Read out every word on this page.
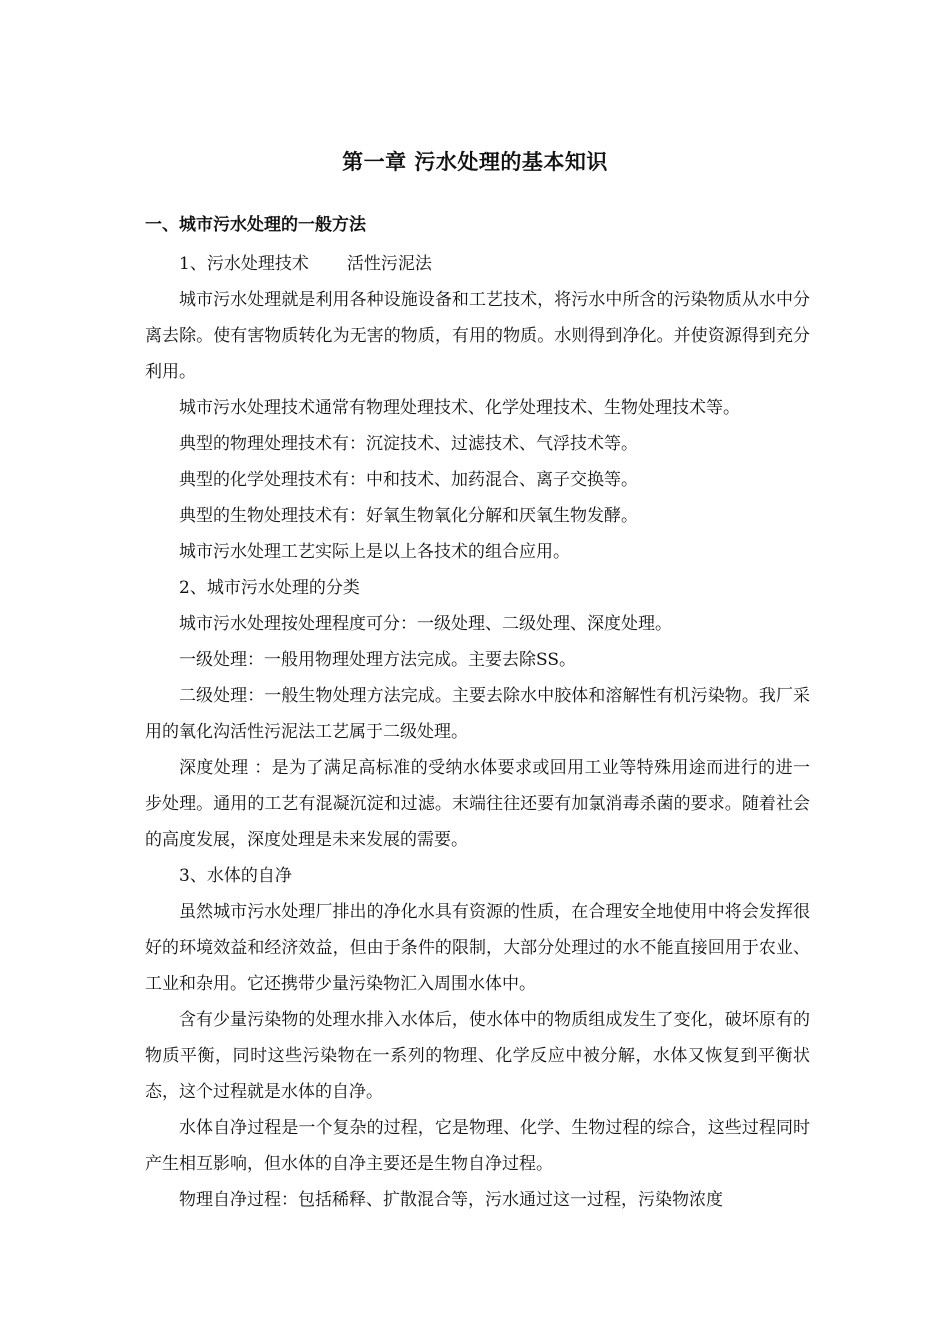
第一章 污水处理的基本知识
一、城市污水处理的一般方法

1、污水处理技术 活性污泥法

城市污水处理就是利用各种设施设备和工艺技术，将污水中所含的污染物质从水中分离去除。使有害物质转化为无害的物质，有用的物质。水则得到净化。并使资源得到充分利用。

城市污水处理技术通常有物理处理技术、化学处理技术、生物处理技术等。

典型的物理处理技术有：沉淀技术、过滤技术、气浮技术等。

典型的化学处理技术有：中和技术、加药混合、离子交换等。

典型的生物处理技术有：好氧生物氧化分解和厌氧生物发酵。

城市污水处理工艺实际上是以上各技术的组合应用。

2、城市污水处理的分类

城市污水处理按处理程度可分：一级处理、二级处理、深度处理。

一级处理：一般用物理处理方法完成。主要去除SS。

二级处理：一般生物处理方法完成。主要去除水中胶体和溶解性有机污染物。我厂采用的氧化沟活性污泥法工艺属于二级处理。

深度处理 ：是为了满足高标准的受纳水体要求或回用工业等特殊用途而进行的进一步处理。通用的工艺有混凝沉淀和过滤。末端往往还要有加氯消毒杀菌的要求。随着社会的高度发展，深度处理是未来发展的需要。

3、水体的自净

虽然城市污水处理厂排出的净化水具有资源的性质，在合理安全地使用中将会发挥很好的环境效益和经济效益，但由于条件的限制，大部分处理过的水不能直接回用于农业、工业和杂用。它还携带少量污染物汇入周围水体中。

含有少量污染物的处理水排入水体后，使水体中的物质组成发生了变化，破坏原有的物质平衡，同时这些污染物在一系列的物理、化学反应中被分解，水体又恢复到平衡状态，这个过程就是水体的自净。

水体自净过程是一个复杂的过程，它是物理、化学、生物过程的综合，这些过程同时产生相互影响，但水体的自净主要还是生物自净过程。

物理自净过程：包括稀释、扩散混合等，污水通过这一过程，污染物浓度
